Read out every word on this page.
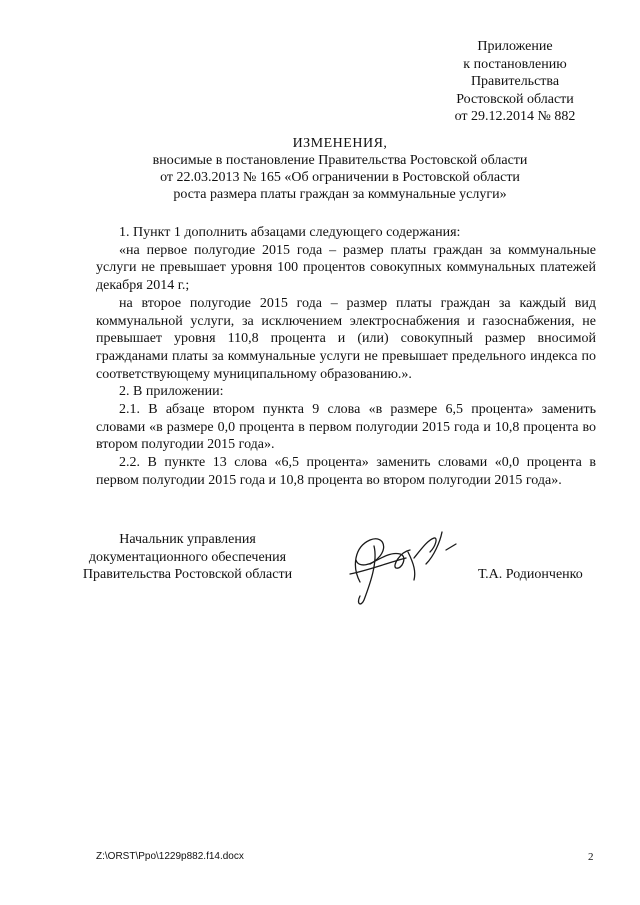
Приложение
к постановлению
Правительства
Ростовской области
от 29.12.2014 № 882
ИЗМЕНЕНИЯ,
вносимые в постановление Правительства Ростовской области
от 22.03.2013 № 165 «Об ограничении в Ростовской области
роста размера платы граждан за коммунальные услуги»

1. Пункт 1 дополнить абзацами следующего содержания:

«на первое полугодие 2015 года – размер платы граждан за коммунальные услуги не превышает уровня 100 процентов совокупных коммунальных платежей декабря 2014 г.;

на второе полугодие 2015 года – размер платы граждан за каждый вид коммунальной услуги, за исключением электроснабжения и газоснабжения, не превышает уровня 110,8 процента и (или) совокупный размер вносимой гражданами платы за коммунальные услуги не превышает предельного индекса по соответствующему муниципальному образованию.».

2. В приложении:

2.1. В абзаце втором пункта 9 слова «в размере 6,5 процента» заменить словами «в размере 0,0 процента в первом полугодии 2015 года и 10,8 процента во втором полугодии 2015 года».

2.2. В пункте 13 слова «6,5 процента» заменить словами «0,0 процента в первом полугодии 2015 года и 10,8 процента во втором полугодии 2015 года».

Начальник управления
документационного обеспечения
Правительства Ростовской области	Т.А. Родионченко
Z:\ORST\Ppo\1229p882.f14.docx	2
